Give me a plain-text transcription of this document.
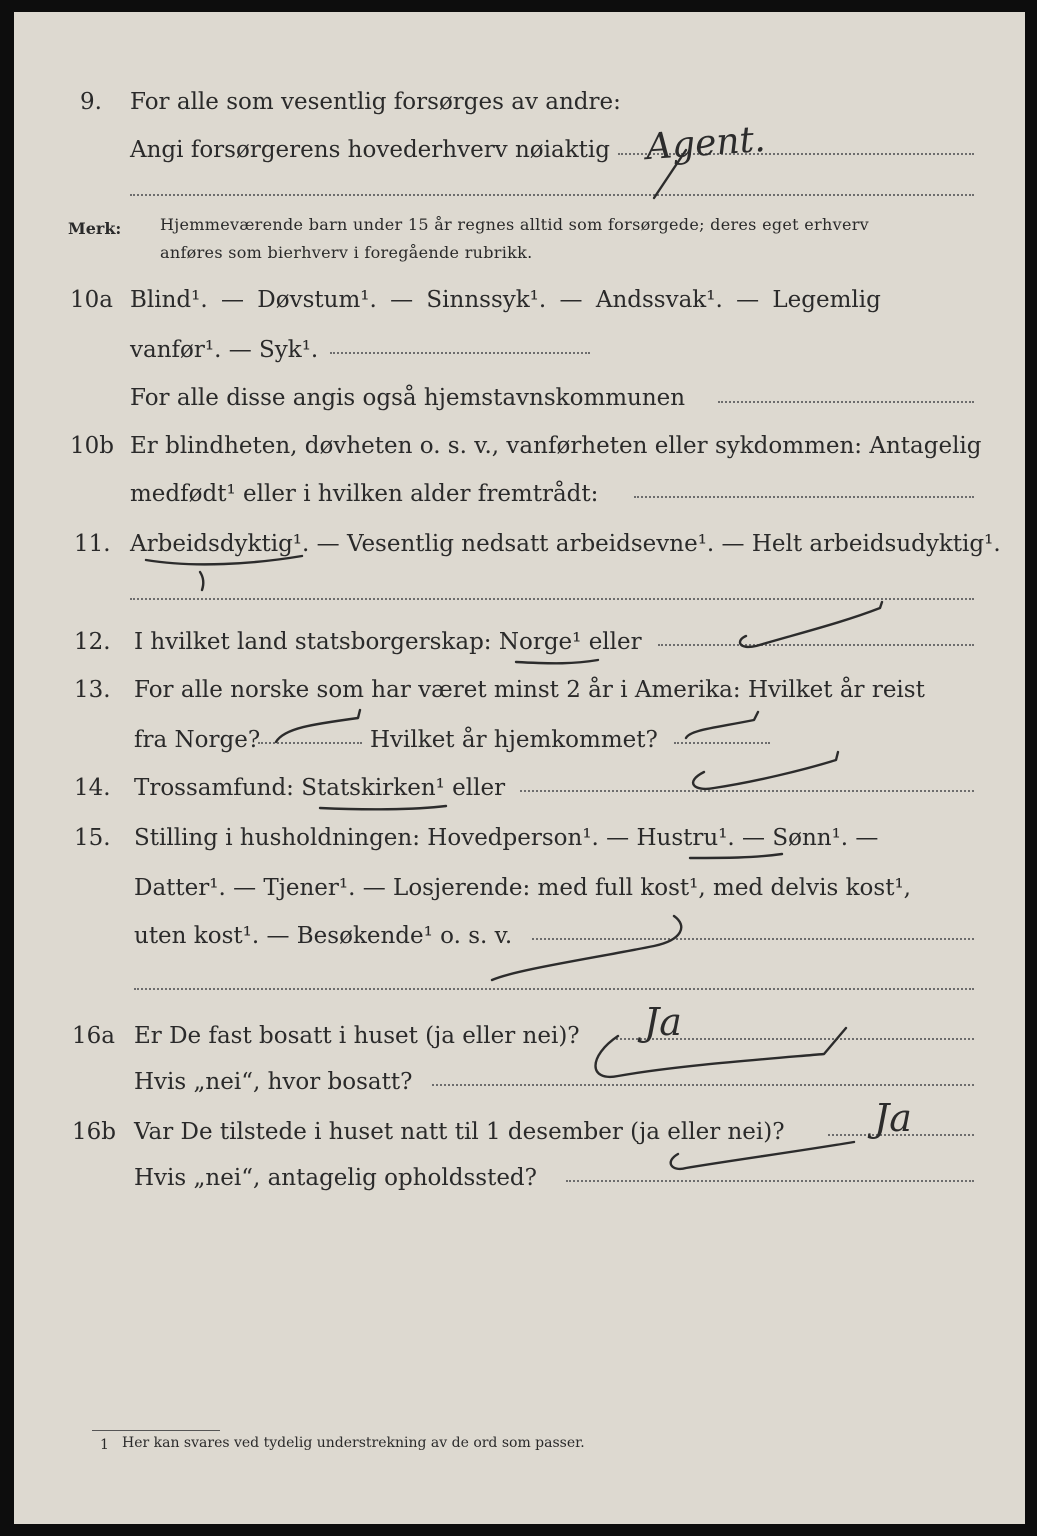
9. For alle som vesentlig forsørges av andre:
Angi forsørgerens hovederhverv nøiaktig
Merk: Hjemmeværende barn under 15 år regnes alltid som forsørgede; deres eget erhverv
anføres som bierhverv i foregående rubrikk.
10a Blind¹. — Døvstum¹. — Sinnssyk¹. — Andssvak¹. — Legemlig
vanfør¹. — Syk¹.
For alle disse angis også hjemstavnskommunen
10b Er blindheten, døvheten o. s. v., vanførheten eller sykdommen: Antagelig
medfødt¹ eller i hvilken alder fremtrådt:
11. Arbeidsdyktig¹. — Vesentlig nedsatt arbeidsevne¹. — Helt arbeidsudyktig¹.
12. I hvilket land statsborgerskap: Norge¹ eller
13. For alle norske som har været minst 2 år i Amerika: Hvilket år reist
fra Norge?	Hvilket år hjemkommet?
14. Trossamfund: Statskirken¹ eller
15. Stilling i husholdningen: Hovedperson¹. — Hustru¹. — Sønn¹. —
Datter¹. — Tjener¹. — Losjerende: med full kost¹, med delvis kost¹,
uten kost¹. — Besøkende¹ o. s. v.
16a Er De fast bosatt i huset (ja eller nei)?
Hvis „nei“, hvor bosatt?
16b Var De tilstede i huset natt til 1 desember (ja eller nei)?
Hvis „nei“, antagelig opholdssted?
1 Her kan svares ved tydelig understrekning av de ord som passer.
Agent.
Ja
Ja
